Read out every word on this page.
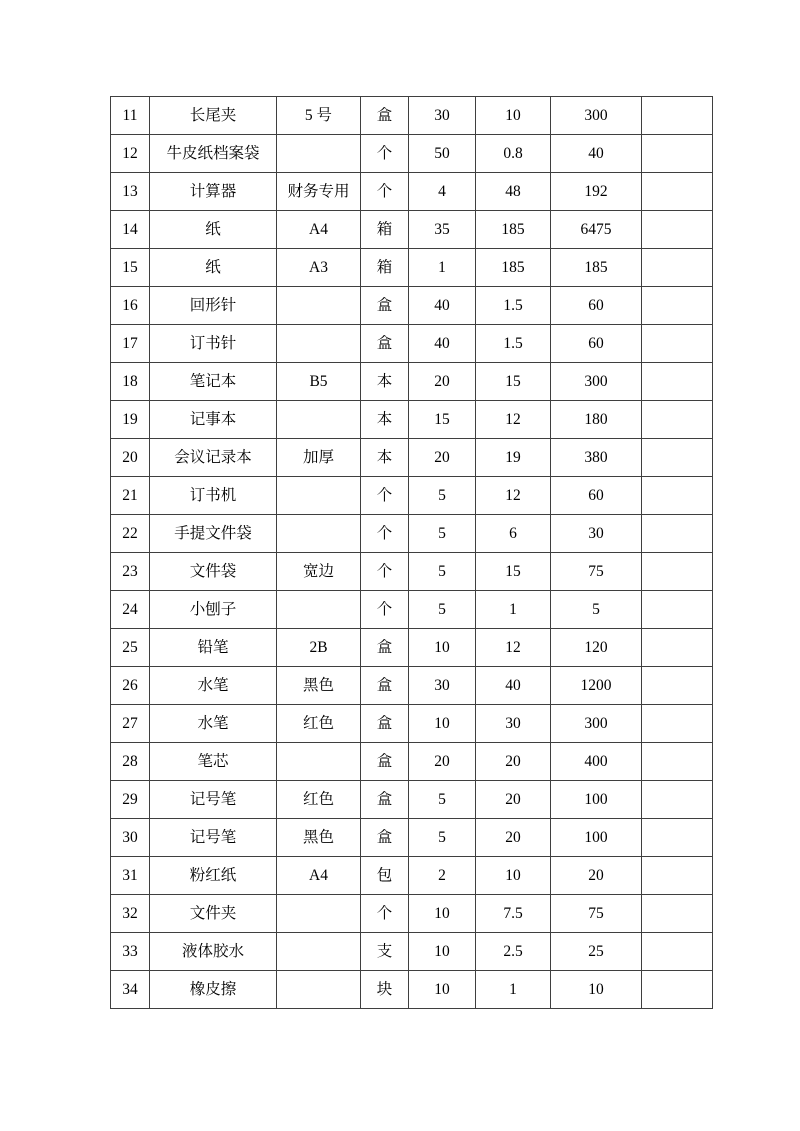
11	长尾夹	5 号	盒	30	10	300	
12	牛皮纸档案袋		个	50	0.8	40	
13	计算器	财务专用	个	4	48	192	
14	纸	A4	箱	35	185	6475	
15	纸	A3	箱	1	185	185	
16	回形针		盒	40	1.5	60	
17	订书针		盒	40	1.5	60	
18	笔记本	B5	本	20	15	300	
19	记事本		本	15	12	180	
20	会议记录本	加厚	本	20	19	380	
21	订书机		个	5	12	60	
22	手提文件袋		个	5	6	30	
23	文件袋	宽边	个	5	15	75	
24	小刨子		个	5	1	5	
25	铅笔	2B	盒	10	12	120	
26	水笔	黑色	盒	30	40	1200	
27	水笔	红色	盒	10	30	300	
28	笔芯		盒	20	20	400	
29	记号笔	红色	盒	5	20	100	
30	记号笔	黑色	盒	5	20	100	
31	粉红纸	A4	包	2	10	20	
32	文件夹		个	10	7.5	75	
33	液体胶水		支	10	2.5	25	
34	橡皮擦		块	10	1	10	
